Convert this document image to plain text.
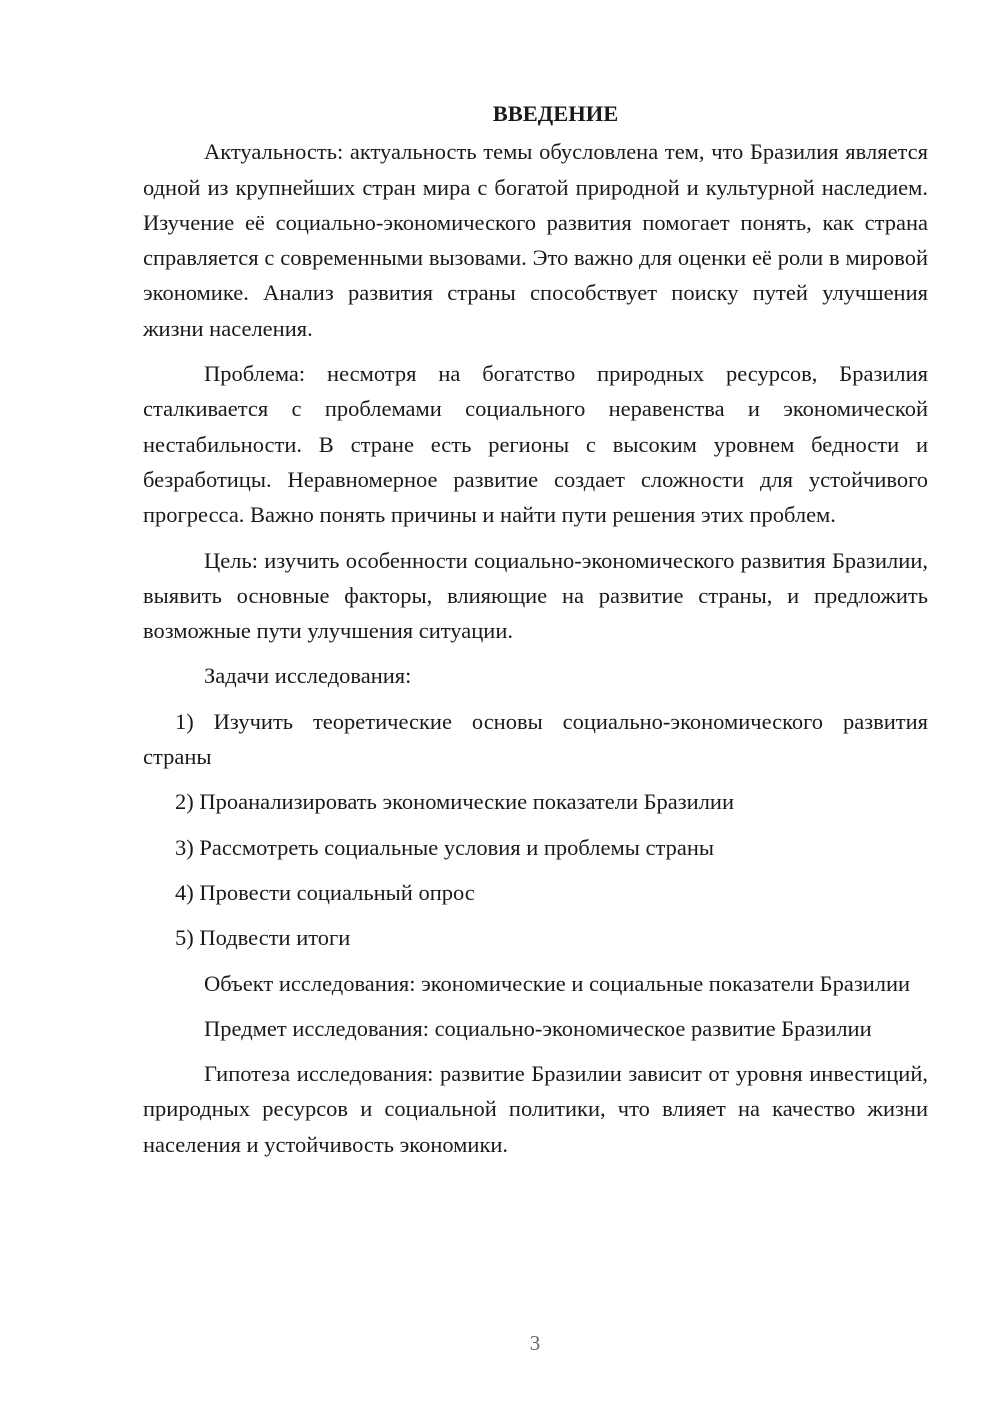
ВВЕДЕНИЕ

Актуальность: актуальность темы обусловлена тем, что Бразилия является одной из крупнейших стран мира с богатой природной и культурной наследием. Изучение её социально-экономического развития помогает понять, как страна справляется с современными вызовами. Это важно для оценки её роли в мировой экономике. Анализ развития страны способствует поиску путей улучшения жизни населения.

Проблема: несмотря на богатство природных ресурсов, Бразилия сталкивается с проблемами социального неравенства и экономической нестабильности. В стране есть регионы с высоким уровнем бедности и безработицы. Неравномерное развитие создает сложности для устойчивого прогресса. Важно понять причины и найти пути решения этих проблем.

Цель: изучить особенности социально-экономического развития Бразилии, выявить основные факторы, влияющие на развитие страны, и предложить возможные пути улучшения ситуации.

Задачи исследования:

1) Изучить теоретические основы социально-экономического развития страны

2) Проанализировать экономические показатели Бразилии

3) Рассмотреть социальные условия и проблемы страны

4) Провести социальный опрос

5) Подвести итоги

Объект исследования: экономические и социальные показатели Бразилии

Предмет исследования: социально-экономическое развитие Бразилии

Гипотеза исследования: развитие Бразилии зависит от уровня инвестиций, природных ресурсов и социальной политики, что влияет на качество жизни населения и устойчивость экономики.

3
